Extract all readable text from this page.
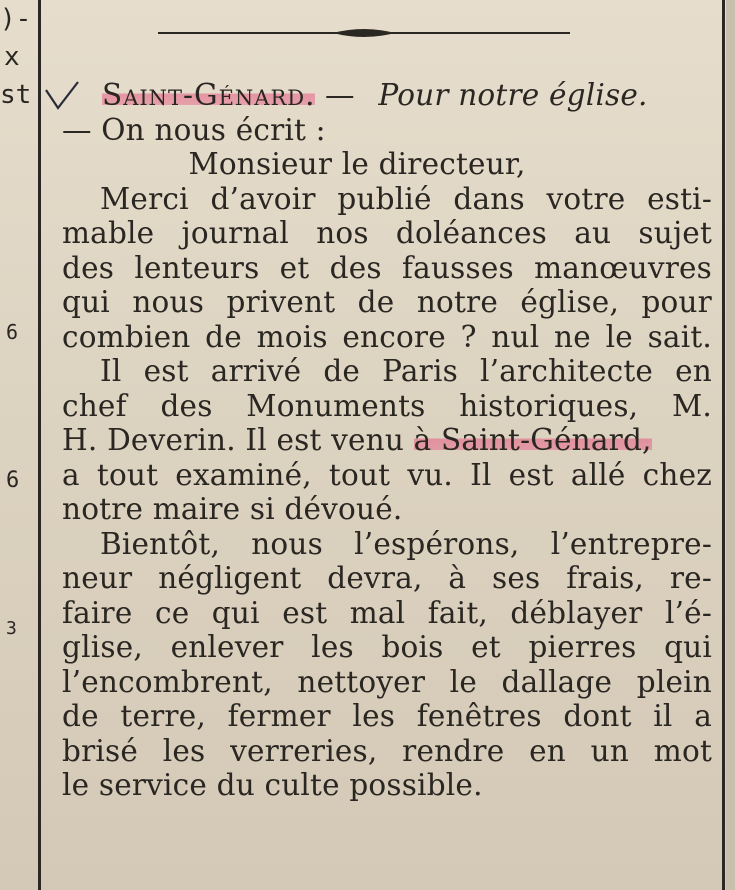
)-
x
st
6
6
3
Saint-Génard. — Pour notre église.
— On nous écrit :
Monsieur le directeur,
Merci d’avoir publié dans votre esti-
mable journal nos doléances au sujet
des lenteurs et des fausses manœuvres
qui nous privent de notre église, pour
combien de mois encore ? nul ne le sait.
Il est arrivé de Paris l’architecte en
chef des Monuments historiques, M.
H. Deverin. Il est venu à Saint-Génard,
a tout examiné, tout vu. Il est allé chez
notre maire si dévoué.
Bientôt, nous l’espérons, l’entrepre-
neur négligent devra, à ses frais, re-
faire ce qui est mal fait, déblayer l’é-
glise, enlever les bois et pierres qui
l’encombrent, nettoyer le dallage plein
de terre, fermer les fenêtres dont il a
brisé les verreries, rendre en un mot
le service du culte possible.
